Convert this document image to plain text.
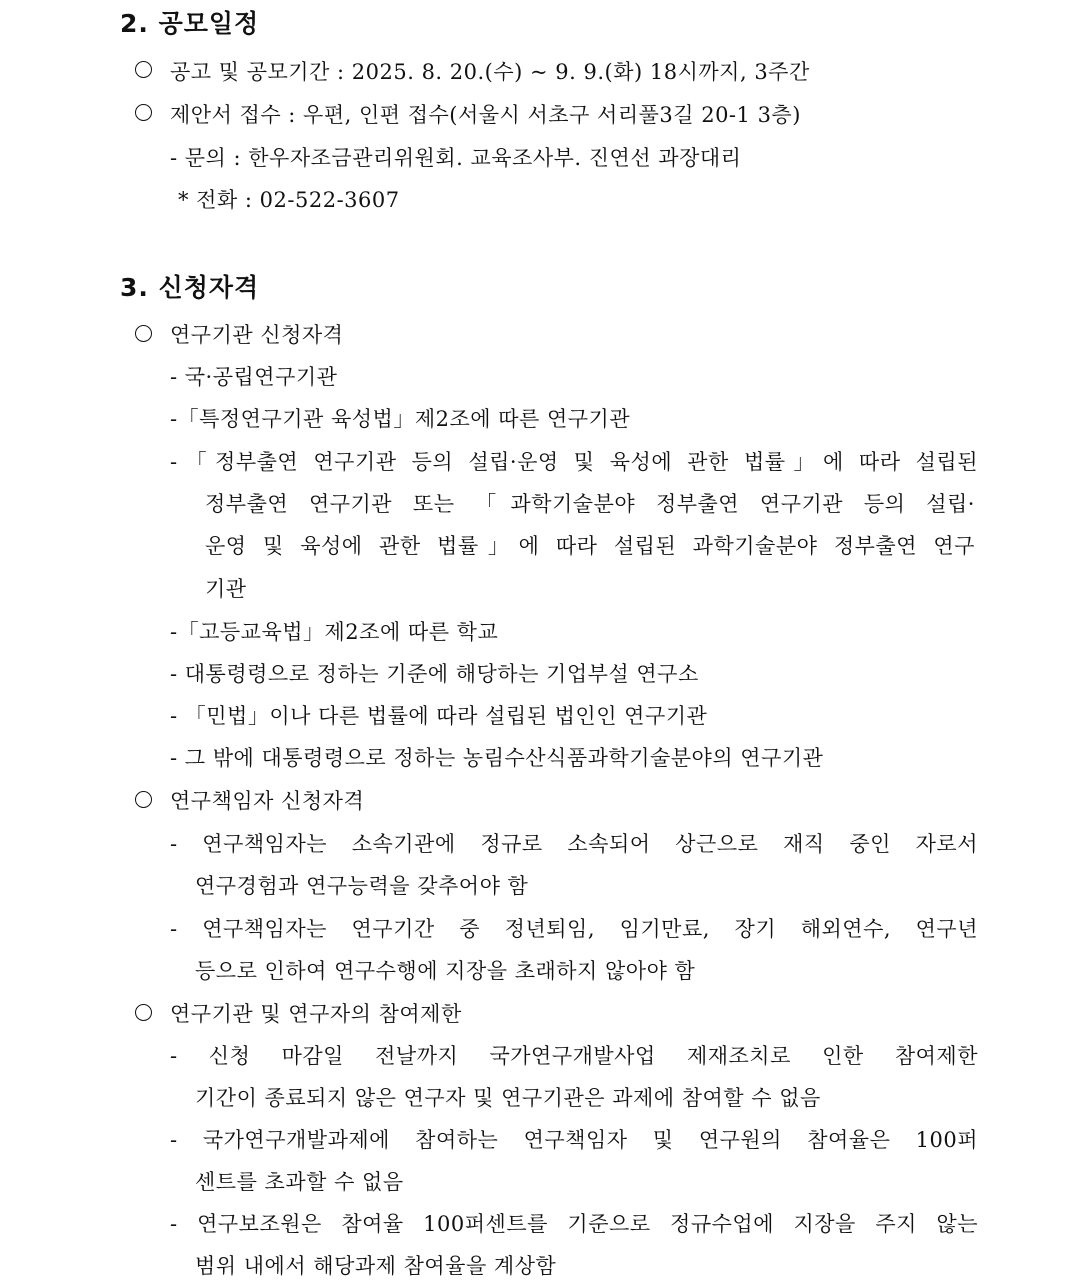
2. 공모일정
공고 및 공모기간 : 2025. 8. 20.(수) ~ 9. 9.(화) 18시까지, 3주간
제안서 접수 : 우편, 인편 접수(서울시 서초구 서리풀3길 20-1 3층)
- 문의 : 한우자조금관리위원회. 교육조사부. 진연선 과장대리
* 전화 : 02-522-3607
3. 신청자격
연구기관 신청자격
- 국·공립연구기관
-「특정연구기관 육성법」제2조에 따른 연구기관
-「정부출연 연구기관 등의 설립·운영 및 육성에 관한 법률」에 따라 설립된
정부출연 연구기관 또는 「과학기술분야 정부출연 연구기관 등의 설립·
운영 및 육성에 관한 법률」에 따라 설립된 과학기술분야 정부출연 연구
기관
-「고등교육법」제2조에 따른 학교
- 대통령령으로 정하는 기준에 해당하는 기업부설 연구소
- 「민법」이나 다른 법률에 따라 설립된 법인인 연구기관
- 그 밖에 대통령령으로 정하는 농림수산식품과학기술분야의 연구기관
연구책임자 신청자격
- 연구책임자는 소속기관에 정규로 소속되어 상근으로 재직 중인 자로서
연구경험과 연구능력을 갖추어야 함
- 연구책임자는 연구기간 중 정년퇴임, 임기만료, 장기 해외연수, 연구년
등으로 인하여 연구수행에 지장을 초래하지 않아야 함
연구기관 및 연구자의 참여제한
- 신청 마감일 전날까지 국가연구개발사업 제재조치로 인한 참여제한
기간이 종료되지 않은 연구자 및 연구기관은 과제에 참여할 수 없음
- 국가연구개발과제에 참여하는 연구책임자 및 연구원의 참여율은 100퍼
센트를 초과할 수 없음
- 연구보조원은 참여율 100퍼센트를 기준으로 정규수업에 지장을 주지 않는
범위 내에서 해당과제 참여율을 계상함
